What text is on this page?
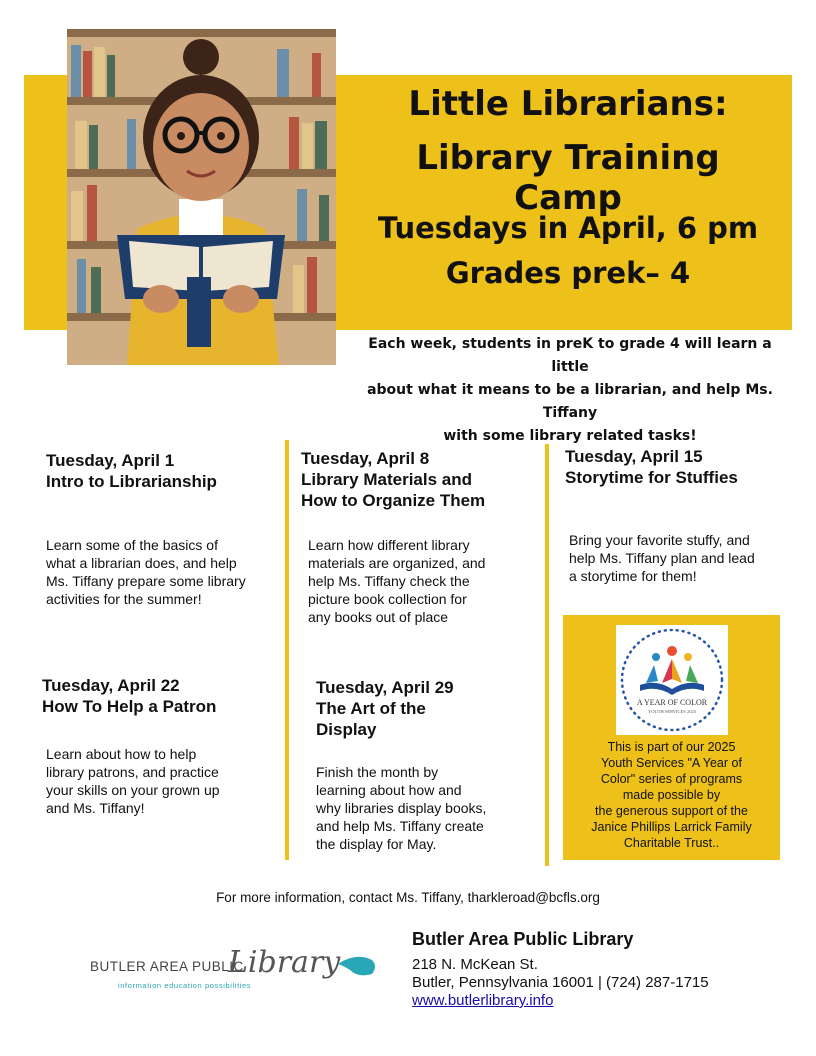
Little Librarians:
Library Training Camp
Tuesdays in April, 6 pm
Grades prek– 4
Each week, students in preK to grade 4 will learn a little
about what it means to be a librarian, and help Ms. Tiffany
with some library related tasks!
Tuesday, April 1
Intro to Librarianship
Learn some of the basics of
what a librarian does, and help
Ms. Tiffany prepare some library
activities for the summer!
Tuesday, April 8
Library Materials and
How to Organize Them
Learn how different library
materials are organized, and
help Ms. Tiffany check the
picture book collection for
any books out of place
Tuesday, April 15
Storytime for Stuffies
Bring your favorite stuffy, and
help Ms. Tiffany plan and lead
a storytime for them!
Tuesday, April 22
How To Help a Patron
Learn about how to help
library patrons, and practice
your skills on your grown up
and Ms. Tiffany!
Tuesday, April 29
The Art of the
Display
Finish the month by
learning about how and
why libraries display books,
and help Ms. Tiffany create
the display for May.
A YEAR OF COLOR
YOUTH SERVICES 2025
This is part of our 2025
Youth Services "A Year of
Color" series of programs
made possible by
the generous support of the
Janice Phillips Larrick Family
Charitable Trust..
For more information, contact Ms. Tiffany, tharkleroad@bcfls.org
BUTLER AREA PUBLIC
Library
information education possibilities
Butler Area Public Library
218 N. McKean St.
Butler, Pennsylvania 16001 | (724) 287-1715
www.butlerlibrary.info
